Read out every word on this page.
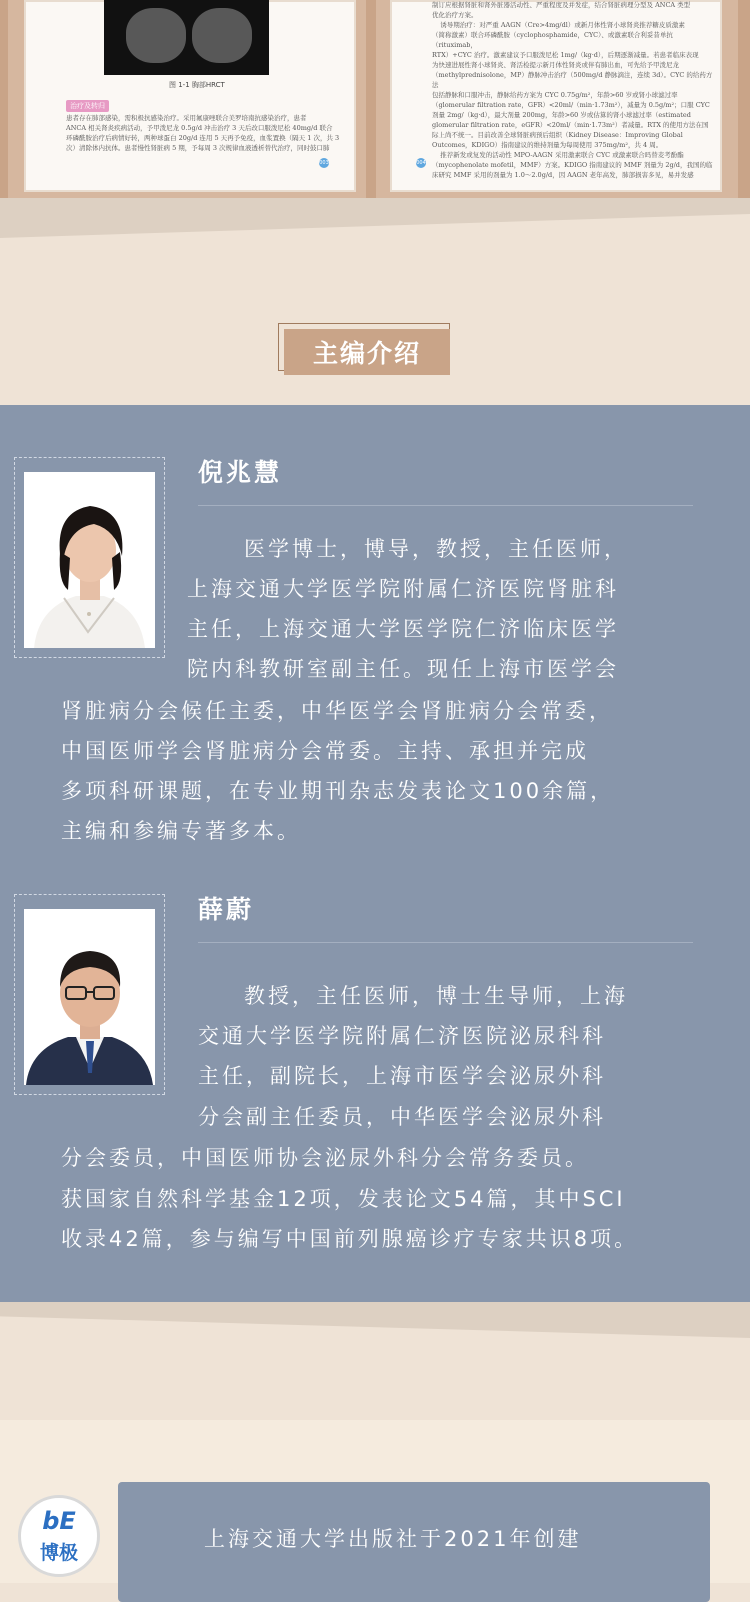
图 1-1 胸部HRCT
治疗及转归
患者存在肺部感染，需积极抗感染治疗。采用氟康唑联合美罗培南抗感染治疗，患者
ANCA 相关肾炎疾病活动，予甲泼尼龙 0.5g/d 冲击治疗 3 天后改口服泼尼松 40mg/d 联合
环磷酰胺治疗后病情好转，两种球蛋白 20g/d 连用 5 天再予免疫，血浆置换（隔天 1 次，共 3
次）清除体内抗体。患者慢性肾脏病 5 期，予每周 3 次规律血液透析替代治疗，同时鼓口肺
003
制订应根据肾脏和肾外脏器活动性、严重程度及并发症，结合肾脏病理分型及 ANCA 类型
优化治疗方案。
诱导期治疗：对严重 AAGN（Cre>4mg/dl）或新月体性肾小球肾炎推荐糖皮质激素
（简称激素）联合环磷酰胺（cyclophosphamide，CYC）、或激素联合利妥昔单抗（rituximab，
RTX）+CYC 治疗。激素建议予口服泼尼松 1mg/（kg·d），后期逐渐减量。若患者临床表现
为快速进展性肾小球肾炎、肾活检提示新月体性肾炎或伴有肺出血，可先给予甲泼尼龙
（methylprednisolone，MP）静脉冲击治疗（500mg/d 静脉滴注，连续 3d）。CYC 的给药方法
包括静脉和口服冲击，静脉给药方案为 CYC 0.75g/m²，年龄>60 岁或肾小球滤过率
（glomerular filtration rate，GFR）<20ml/（min·1.73m²），减量为 0.5g/m²；口服 CYC
剂量 2mg/（kg·d），最大剂量 200mg，年龄>60 岁或估算的肾小球滤过率（estimated
glomerular filtration rate，eGFR）<20ml/（min·1.73m²）者减量。RTX 的使用方法在国
际上尚不统一。目前改善全球肾脏病预后组织（Kidney Disease：Improving Global
Outcomes，KDIGO）指南建议的维持剂量为每周使用 375mg/m²，共 4 周。
推荐新发或复发的活动性 MPO-AAGN 采用激素联合 CYC 或激素联合吗替麦考酚酯
（mycophenolate mofetil，MMF）方案。KDIGO 指南建议的 MMF 剂量为 2g/d，我国的临
床研究 MMF 采用的剂量为 1.0～2.0g/d，因 AAGN 老年高发，肺部损害多见，易并发感
004
主编介绍
倪兆慧
医学博士，博导，教授，主任医师，
上海交通大学医学院附属仁济医院肾脏科
主任，上海交通大学医学院仁济临床医学
院内科教研室副主任。现任上海市医学会
肾脏病分会候任主委，中华医学会肾脏病分会常委，
中国医师学会肾脏病分会常委。主持、承担并完成
多项科研课题，在专业期刊杂志发表论文100余篇，
主编和参编专著多本。
薛蔚
教授，主任医师，博士生导师，上海
交通大学医学院附属仁济医院泌尿科科
主任，副院长，上海市医学会泌尿外科
分会副主任委员，中华医学会泌尿外科
分会委员，中国医师协会泌尿外科分会常务委员。
获国家自然科学基金12项，发表论文54篇，其中SCI
收录42篇，参与编写中国前列腺癌诊疗专家共识8项。
上海交通大学出版社于2021年创建
bE
博极
